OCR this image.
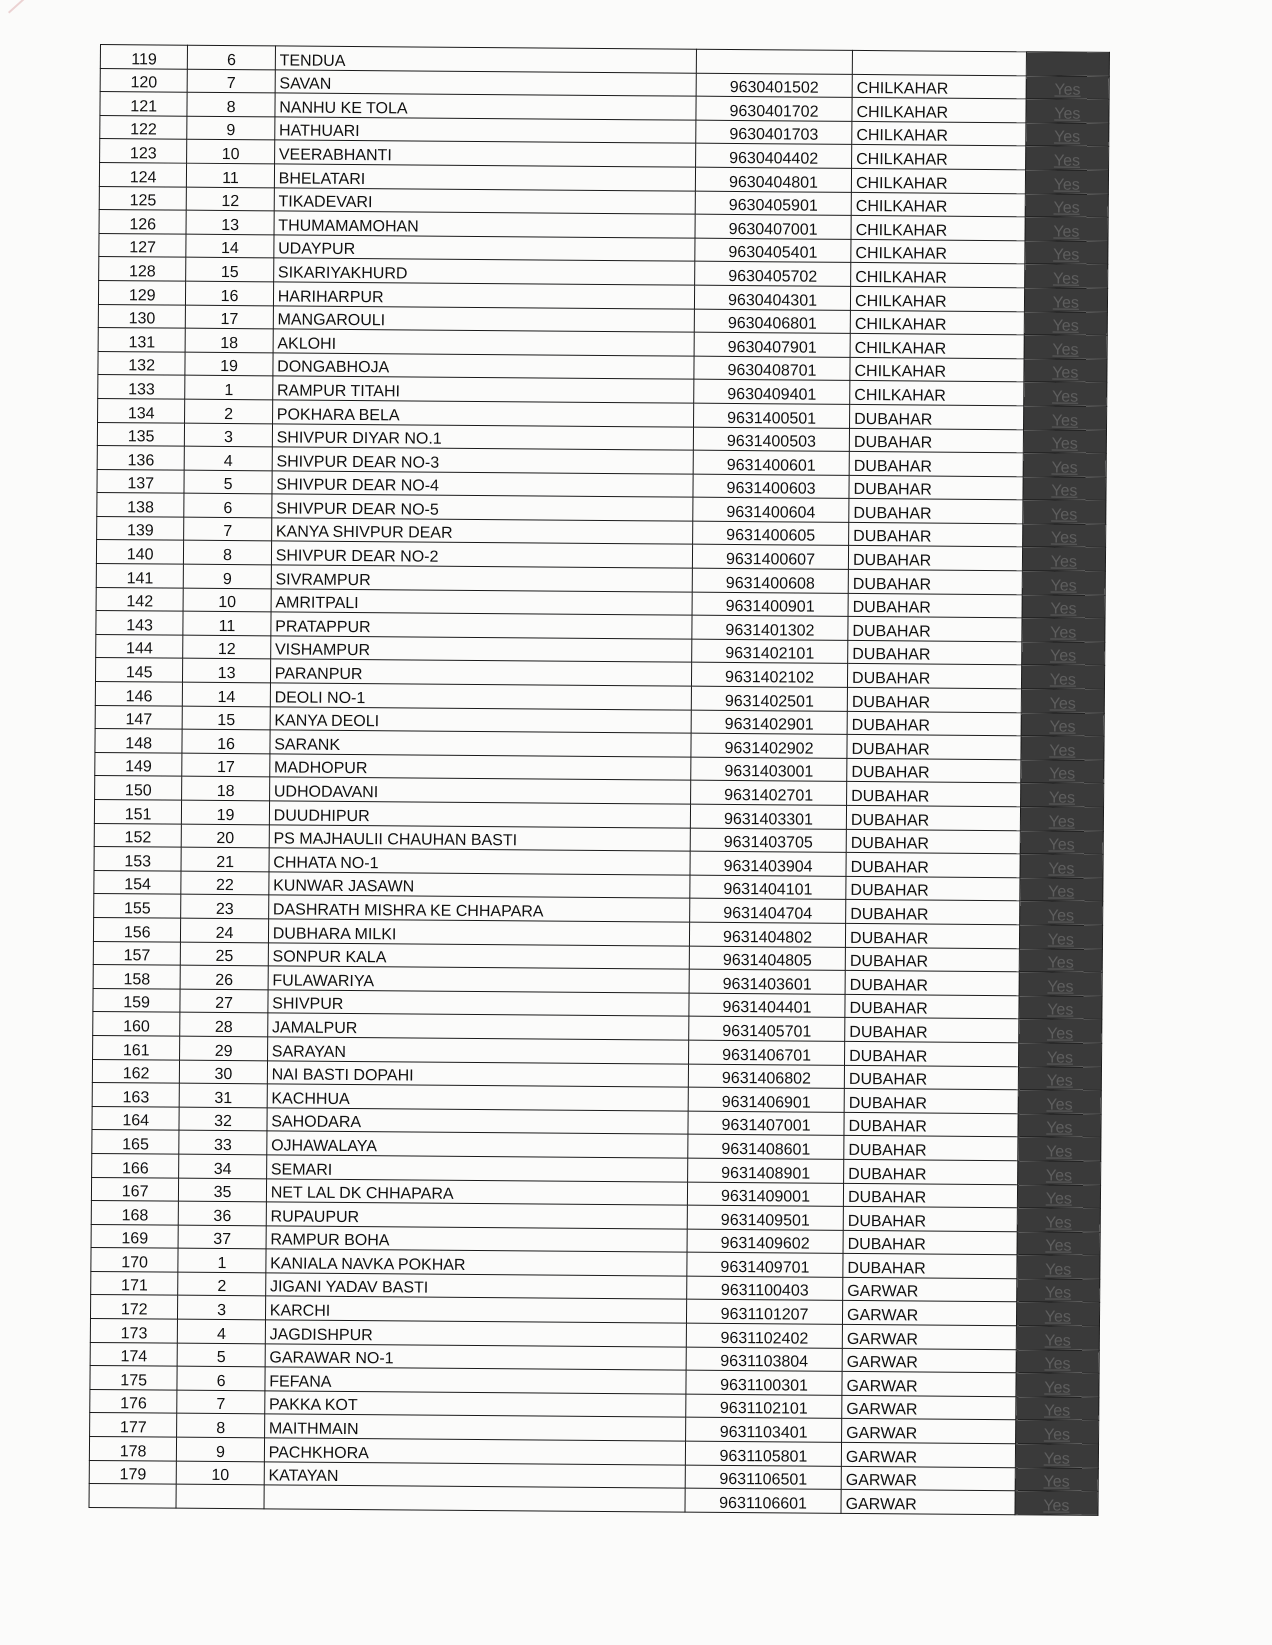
119	6	TENDUA			
120	7	SAVAN	9630401502	CHILKAHAR	Yes
121	8	NANHU KE TOLA	9630401702	CHILKAHAR	Yes
122	9	HATHUARI	9630401703	CHILKAHAR	Yes
123	10	VEERABHANTI	9630404402	CHILKAHAR	Yes
124	11	BHELATARI	9630404801	CHILKAHAR	Yes
125	12	TIKADEVARI	9630405901	CHILKAHAR	Yes
126	13	THUMAMAMOHAN	9630407001	CHILKAHAR	Yes
127	14	UDAYPUR	9630405401	CHILKAHAR	Yes
128	15	SIKARIYAKHURD	9630405702	CHILKAHAR	Yes
129	16	HARIHARPUR	9630404301	CHILKAHAR	Yes
130	17	MANGAROULI	9630406801	CHILKAHAR	Yes
131	18	AKLOHI	9630407901	CHILKAHAR	Yes
132	19	DONGABHOJA	9630408701	CHILKAHAR	Yes
133	1	RAMPUR TITAHI	9630409401	CHILKAHAR	Yes
134	2	POKHARA BELA	9631400501	DUBAHAR	Yes
135	3	SHIVPUR DIYAR NO.1	9631400503	DUBAHAR	Yes
136	4	SHIVPUR DEAR NO-3	9631400601	DUBAHAR	Yes
137	5	SHIVPUR DEAR NO-4	9631400603	DUBAHAR	Yes
138	6	SHIVPUR DEAR NO-5	9631400604	DUBAHAR	Yes
139	7	KANYA SHIVPUR DEAR	9631400605	DUBAHAR	Yes
140	8	SHIVPUR DEAR NO-2	9631400607	DUBAHAR	Yes
141	9	SIVRAMPUR	9631400608	DUBAHAR	Yes
142	10	AMRITPALI	9631400901	DUBAHAR	Yes
143	11	PRATAPPUR	9631401302	DUBAHAR	Yes
144	12	VISHAMPUR	9631402101	DUBAHAR	Yes
145	13	PARANPUR	9631402102	DUBAHAR	Yes
146	14	DEOLI NO-1	9631402501	DUBAHAR	Yes
147	15	KANYA DEOLI	9631402901	DUBAHAR	Yes
148	16	SARANK	9631402902	DUBAHAR	Yes
149	17	MADHOPUR	9631403001	DUBAHAR	Yes
150	18	UDHODAVANI	9631402701	DUBAHAR	Yes
151	19	DUUDHIPUR	9631403301	DUBAHAR	Yes
152	20	PS MAJHAULII CHAUHAN BASTI	9631403705	DUBAHAR	Yes
153	21	CHHATA NO-1	9631403904	DUBAHAR	Yes
154	22	KUNWAR JASAWN	9631404101	DUBAHAR	Yes
155	23	DASHRATH MISHRA KE CHHAPARA	9631404704	DUBAHAR	Yes
156	24	DUBHARA MILKI	9631404802	DUBAHAR	Yes
157	25	SONPUR KALA	9631404805	DUBAHAR	Yes
158	26	FULAWARIYA	9631403601	DUBAHAR	Yes
159	27	SHIVPUR	9631404401	DUBAHAR	Yes
160	28	JAMALPUR	9631405701	DUBAHAR	Yes
161	29	SARAYAN	9631406701	DUBAHAR	Yes
162	30	NAI BASTI DOPAHI	9631406802	DUBAHAR	Yes
163	31	KACHHUA	9631406901	DUBAHAR	Yes
164	32	SAHODARA	9631407001	DUBAHAR	Yes
165	33	OJHAWALAYA	9631408601	DUBAHAR	Yes
166	34	SEMARI	9631408901	DUBAHAR	Yes
167	35	NET LAL DK CHHAPARA	9631409001	DUBAHAR	Yes
168	36	RUPAUPUR	9631409501	DUBAHAR	Yes
169	37	RAMPUR BOHA	9631409602	DUBAHAR	Yes
170	1	KANIALA NAVKA POKHAR	9631409701	DUBAHAR	Yes
171	2	JIGANI YADAV BASTI	9631100403	GARWAR	Yes
172	3	KARCHI	9631101207	GARWAR	Yes
173	4	JAGDISHPUR	9631102402	GARWAR	Yes
174	5	GARAWAR NO-1	9631103804	GARWAR	Yes
175	6	FEFANA	9631100301	GARWAR	Yes
176	7	PAKKA KOT	9631102101	GARWAR	Yes
177	8	MAITHMAIN	9631103401	GARWAR	Yes
178	9	PACHKHORA	9631105801	GARWAR	Yes
179	10	KATAYAN	9631106501	GARWAR	Yes
			9631106601	GARWAR	Yes
